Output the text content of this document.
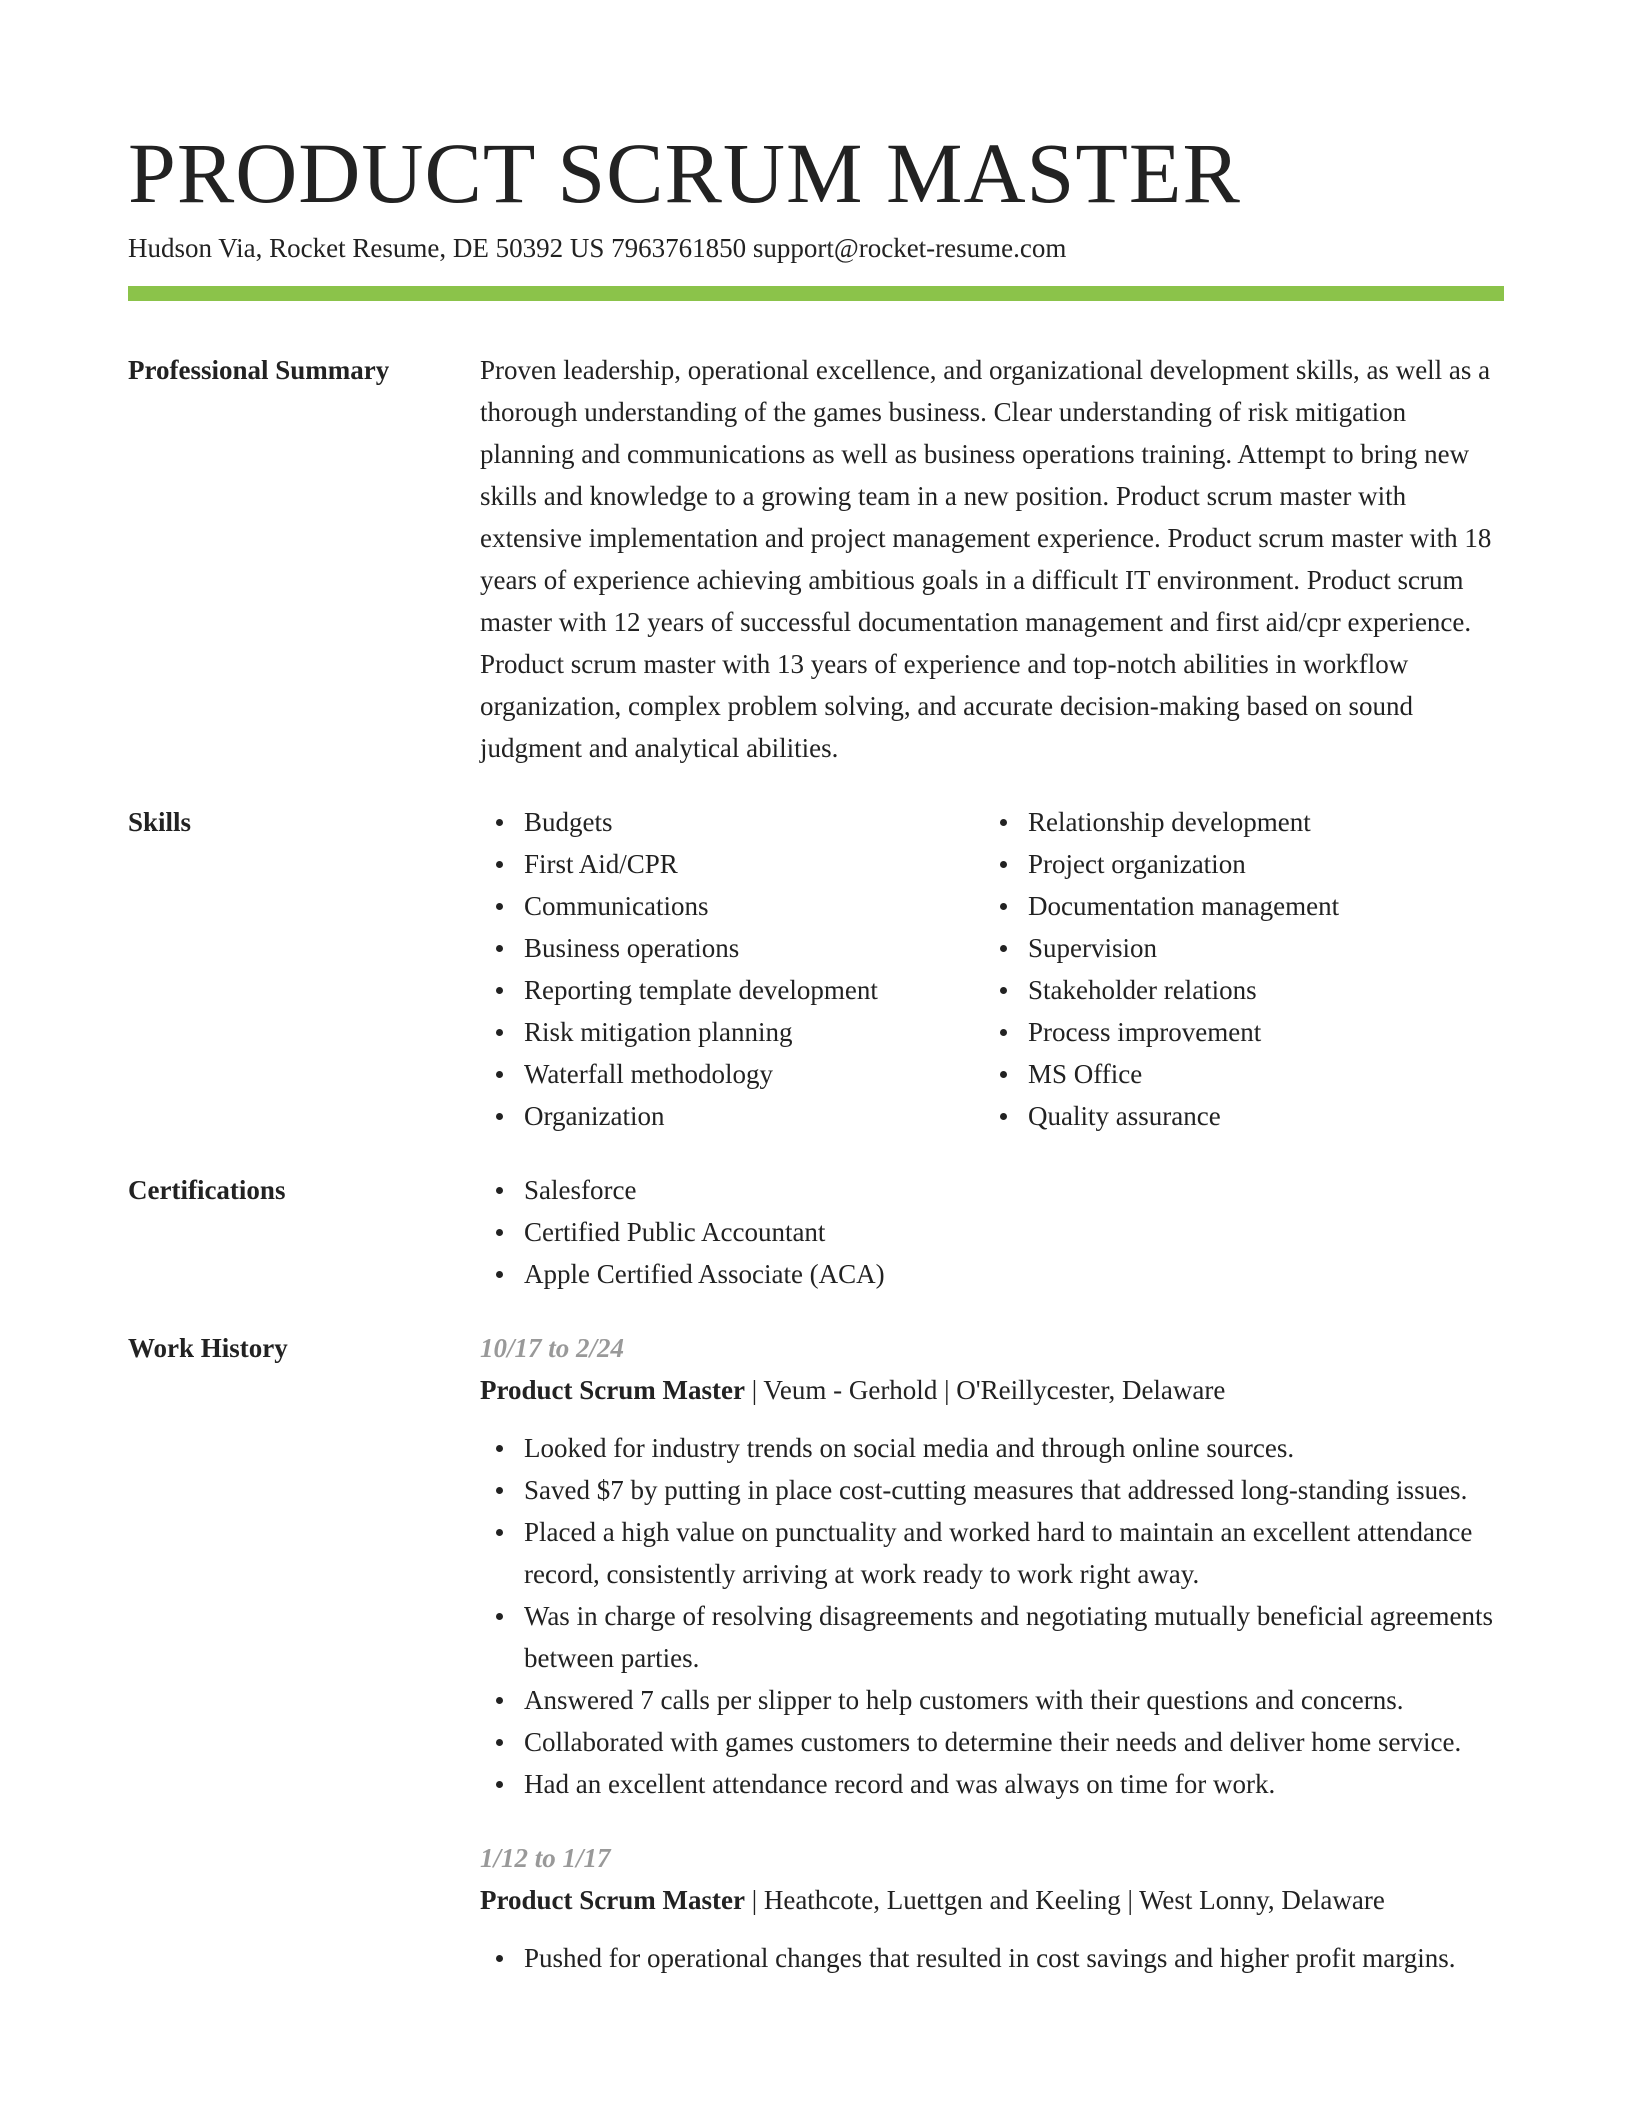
PRODUCT SCRUM MASTER
Hudson Via, Rocket Resume, DE 50392 US 7963761850 support@rocket-resume.com
Professional Summary	Proven leadership, operational excellence, and organizational development skills, as well as a thorough understanding of the games business. Clear understanding of risk mitigation planning and communications as well as business operations training. Attempt to bring new skills and knowledge to a growing team in a new position. Product scrum master with extensive implementation and project management experience. Product scrum master with 18 years of experience achieving ambitious goals in a difficult IT environment. Product scrum master with 12 years of successful documentation management and first aid/cpr experience. Product scrum master with 13 years of experience and top-notch abilities in workflow organization, complex problem solving, and accurate decision-making based on sound judgment and analytical abilities.

Skills	Budgets
First Aid/CPR
Communications
Business operations
Reporting template development
Risk mitigation planning
Waterfall methodology
Organization
Relationship development
Project organization
Documentation management
Supervision
Stakeholder relations
Process improvement
MS Office
Quality assurance
Certifications	Salesforce
Certified Public Accountant
Apple Certified Associate (ACA)
Work History	10/17 to 2/24
Product Scrum Master | Veum - Gerhold | O'Reillycester, Delaware
Looked for industry trends on social media and through online sources.
Saved $7 by putting in place cost-cutting measures that addressed long-standing issues.
Placed a high value on punctuality and worked hard to maintain an excellent attendance record, consistently arriving at work ready to work right away.
Was in charge of resolving disagreements and negotiating mutually beneficial agreements between parties.
Answered 7 calls per slipper to help customers with their questions and concerns.
Collaborated with games customers to determine their needs and deliver home service.
Had an excellent attendance record and was always on time for work.
1/12 to 1/17
Product Scrum Master | Heathcote, Luettgen and Keeling | West Lonny, Delaware
Pushed for operational changes that resulted in cost savings and higher profit margins.
